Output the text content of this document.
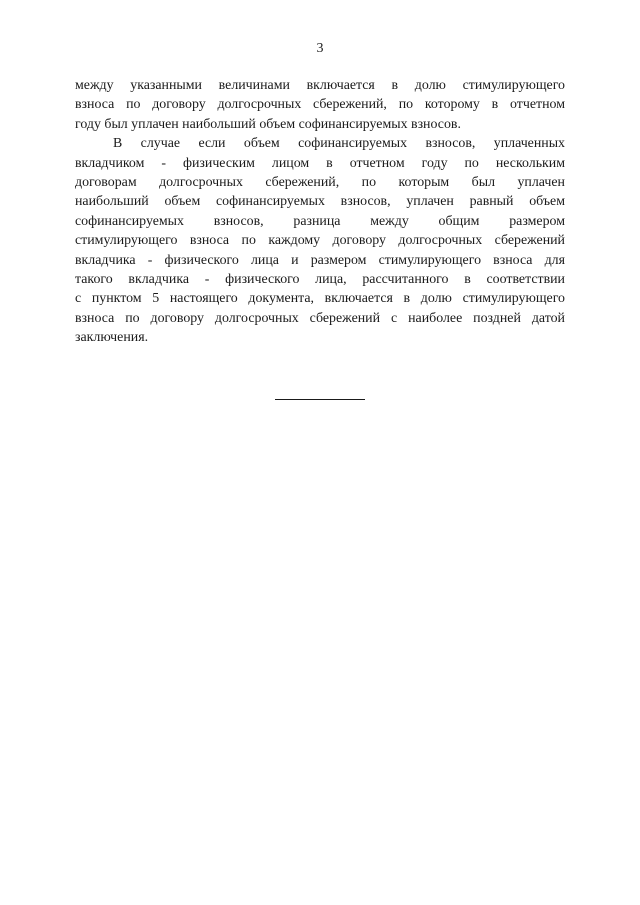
3
между указанными величинами включается в долю стимулирующего
взноса по договору долгосрочных сбережений, по которому в отчетном
году был уплачен наибольший объем софинансируемых взносов.
В случае если объем софинансируемых взносов, уплаченных
вкладчиком - физическим лицом в отчетном году по нескольким
договорам долгосрочных сбережений, по которым был уплачен
наибольший объем софинансируемых взносов, уплачен равный объем
софинансируемых взносов, разница между общим размером
стимулирующего взноса по каждому договору долгосрочных сбережений
вкладчика - физического лица и размером стимулирующего взноса для
такого вкладчика - физического лица, рассчитанного в соответствии
с пунктом 5 настоящего документа, включается в долю стимулирующего
взноса по договору долгосрочных сбережений с наиболее поздней датой
заключения.
